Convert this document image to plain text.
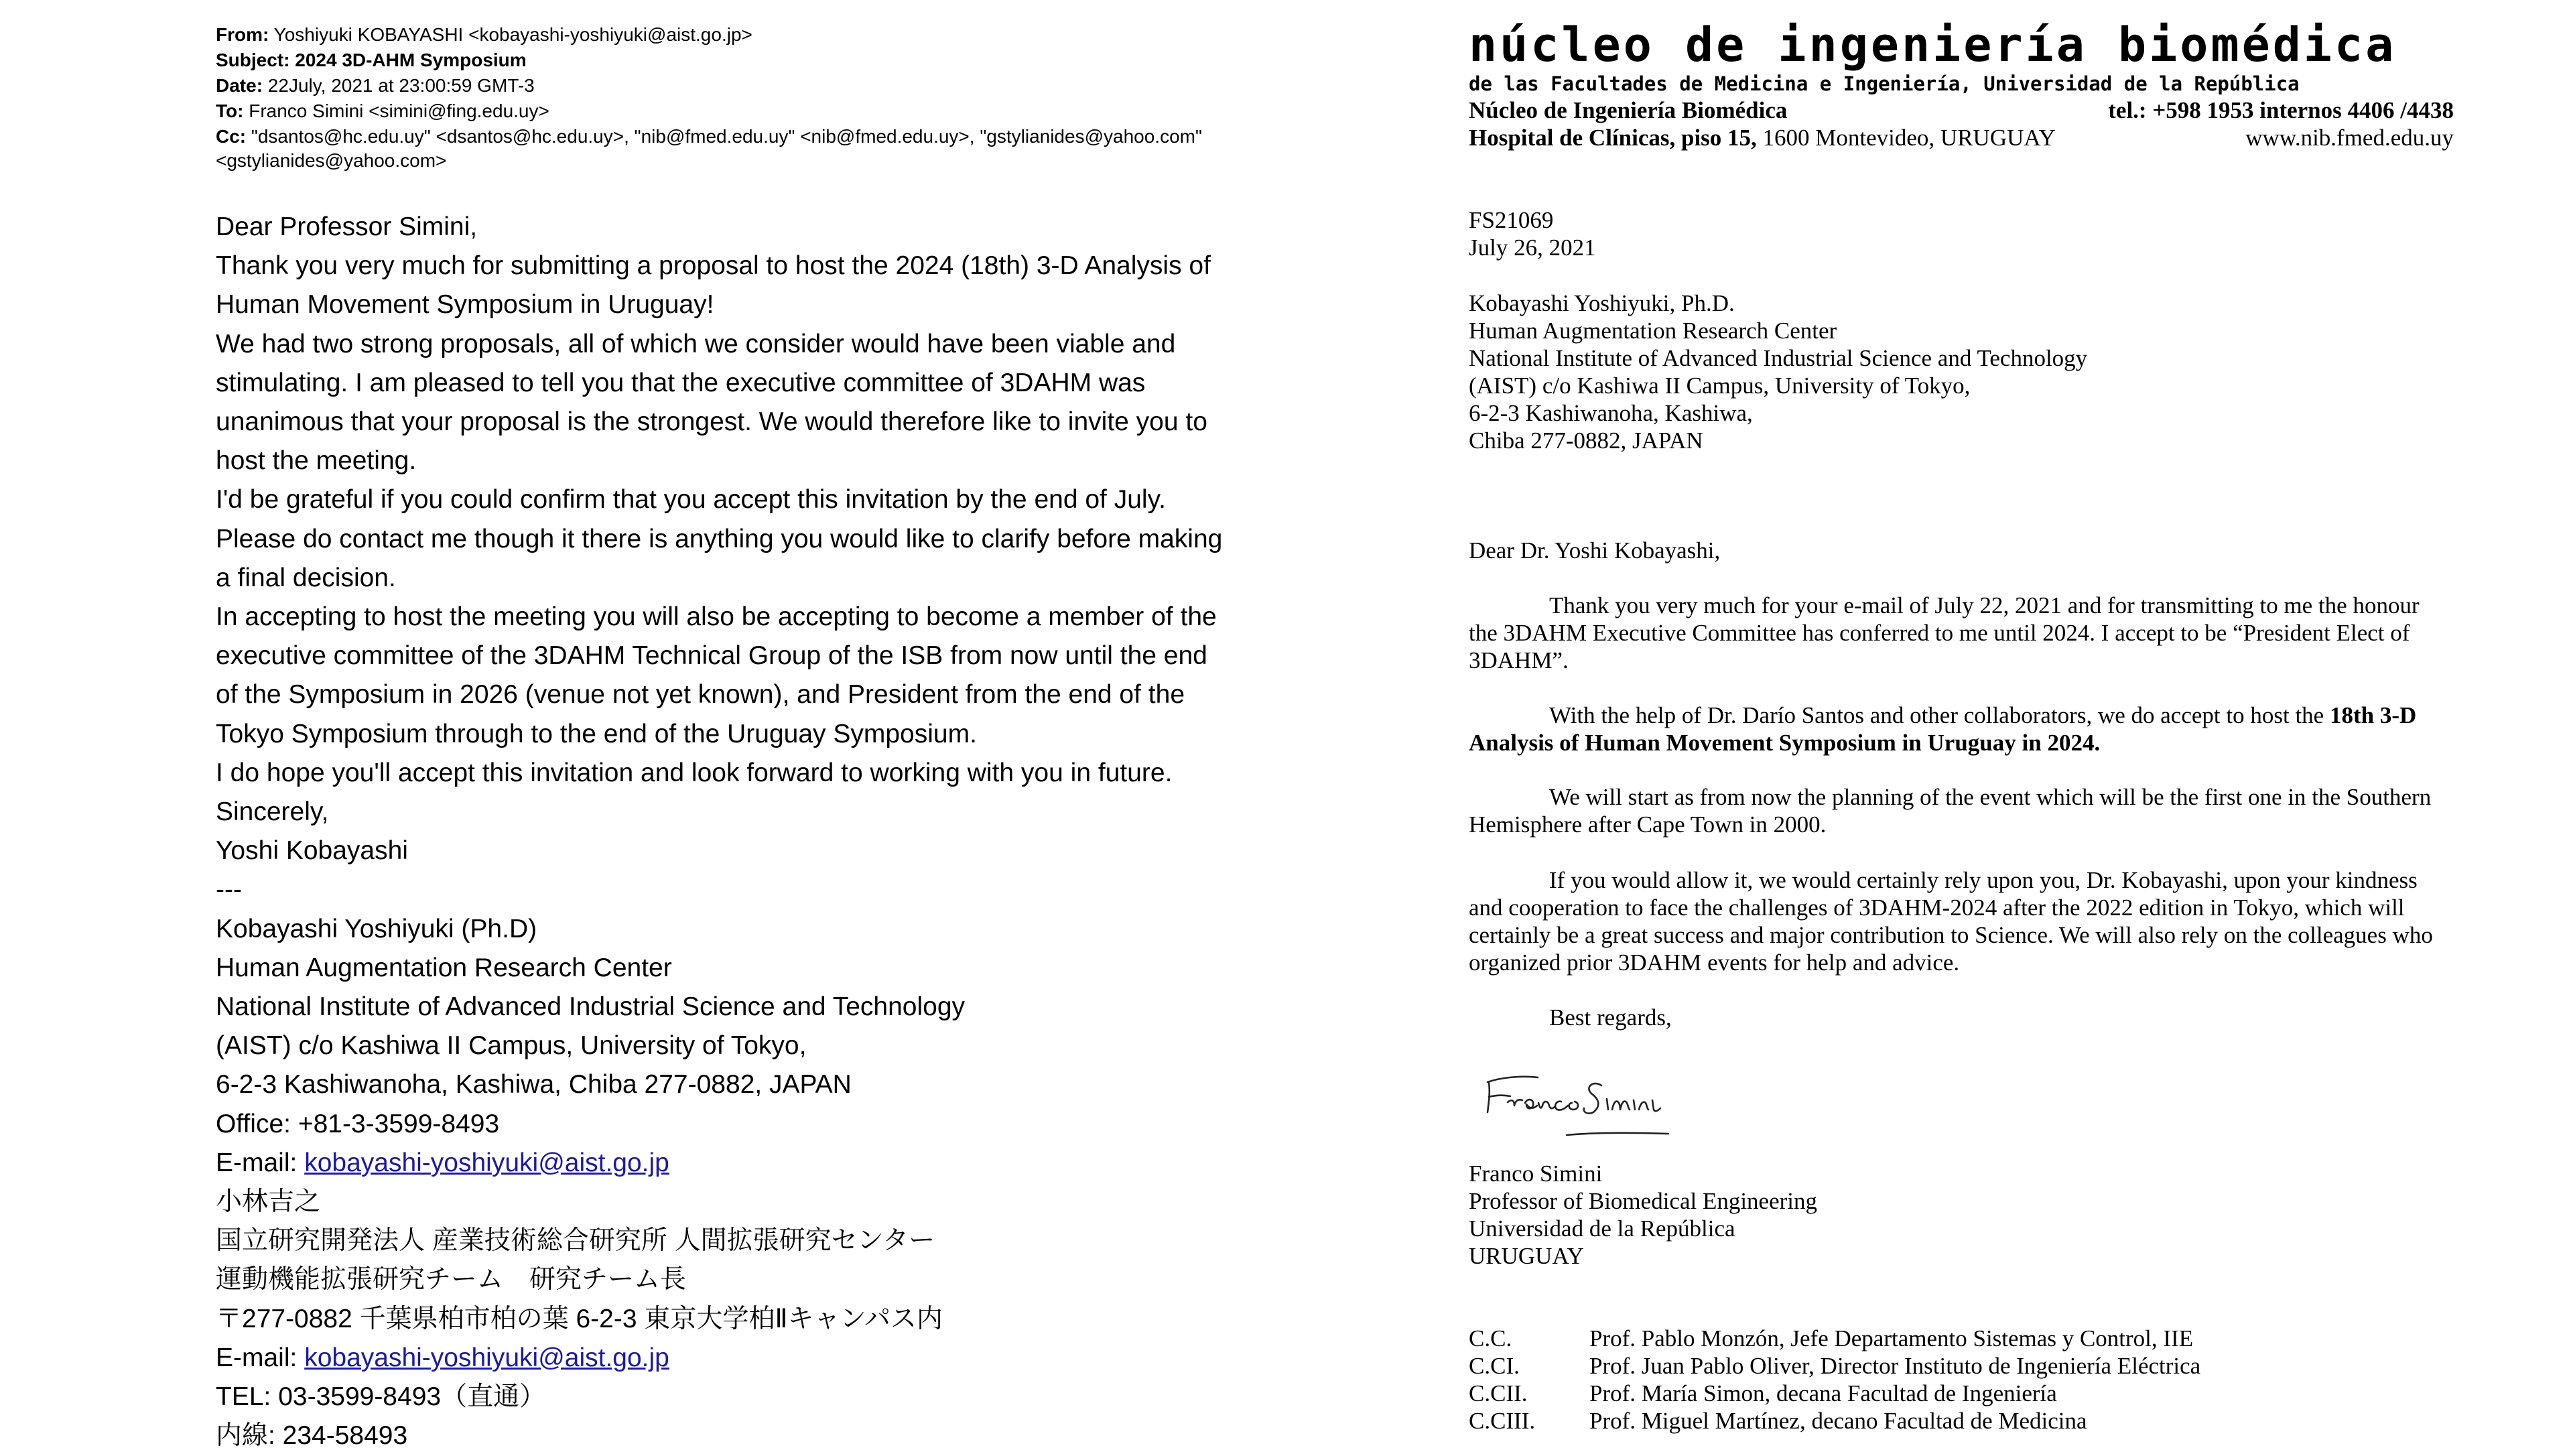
From: Yoshiyuki KOBAYASHI <kobayashi-yoshiyuki@aist.go.jp>
Subject: 2024 3D-AHM Symposium
Date: 22July, 2021 at 23:00:59 GMT-3
To: Franco Simini <simini@fing.edu.uy>
Cc: "dsantos@hc.edu.uy" <dsantos@hc.edu.uy>, "nib@fmed.edu.uy" <nib@fmed.edu.uy>, "gstylianides@yahoo.com" <gstylianides@yahoo.com>
Dear Professor Simini,
Thank you very much for submitting a proposal to host the 2024 (18th) 3-D Analysis of
Human Movement Symposium in Uruguay!
We had two strong proposals, all of which we consider would have been viable and
stimulating. I am pleased to tell you that the executive committee of 3DAHM was
unanimous that your proposal is the strongest. We would therefore like to invite you to
host the meeting.
I'd be grateful if you could confirm that you accept this invitation by the end of July.
Please do contact me though it there is anything you would like to clarify before making
a final decision.
In accepting to host the meeting you will also be accepting to become a member of the
executive committee of the 3DAHM Technical Group of the ISB from now until the end
of the Symposium in 2026 (venue not yet known), and President from the end of the
Tokyo Symposium through to the end of the Uruguay Symposium.
I do hope you'll accept this invitation and look forward to working with you in future.
Sincerely,
Yoshi Kobayashi
---
Kobayashi Yoshiyuki (Ph.D)
Human Augmentation Research Center
National Institute of Advanced Industrial Science and Technology
(AIST) c/o Kashiwa II Campus, University of Tokyo,
6-2-3 Kashiwanoha, Kashiwa, Chiba 277-0882, JAPAN
Office: +81-3-3599-8493
E-mail: kobayashi-yoshiyuki@aist.go.jp
小林吉之
国立研究開発法人 産業技術総合研究所 人間拡張研究センター
運動機能拡張研究チーム　研究チーム長
〒277-0882 千葉県柏市柏の葉 6-2-3 東京大学柏Ⅱキャンパス内
E-mail: kobayashi-yoshiyuki@aist.go.jp
TEL: 03-3599-8493（直通）
内線: 234-58493
núcleo de ingeniería biomédica
de las Facultades de Medicina e Ingeniería, Universidad de la República
Núcleo de Ingeniería Biomédica	tel.: +598 1953 internos 4406 /4438
Hospital de Clínicas, piso 15, 1600 Montevideo, URUGUAY	www.nib.fmed.edu.uy
FS21069
July 26, 2021
Kobayashi Yoshiyuki, Ph.D.
Human Augmentation Research Center
National Institute of Advanced Industrial Science and Technology
(AIST) c/o Kashiwa II Campus, University of Tokyo,
6-2-3 Kashiwanoha, Kashiwa,
Chiba 277-0882, JAPAN
Dear Dr. Yoshi Kobayashi,
Thank you very much for your e-mail of July 22, 2021 and for transmitting to me the honour the 3DAHM Executive Committee has conferred to me until 2024. I accept to be “President Elect of 3DAHM”.
With the help of Dr. Darío Santos and other collaborators, we do accept to host the 18th 3-D Analysis of Human Movement Symposium in Uruguay in 2024.
We will start as from now the planning of the event which will be the first one in the Southern Hemisphere after Cape Town in 2000.
If you would allow it, we would certainly rely upon you, Dr. Kobayashi, upon your kindness and cooperation to face the challenges of 3DAHM-2024 after the 2022 edition in Tokyo, which will certainly be a great success and major contribution to Science. We will also rely on the colleagues who organized prior 3DAHM events for help and advice.
Best regards,
Franco Simini
Professor of Biomedical Engineering
Universidad de la República
URUGUAY
C.C.	Prof. Pablo Monzón, Jefe Departamento Sistemas y Control, IIE
C.CI.	Prof. Juan Pablo Oliver, Director Instituto de Ingeniería Eléctrica
C.CII.	Prof. María Simon, decana Facultad de Ingeniería
C.CIII. Prof. Miguel Martínez, decano Facultad de Medicina
